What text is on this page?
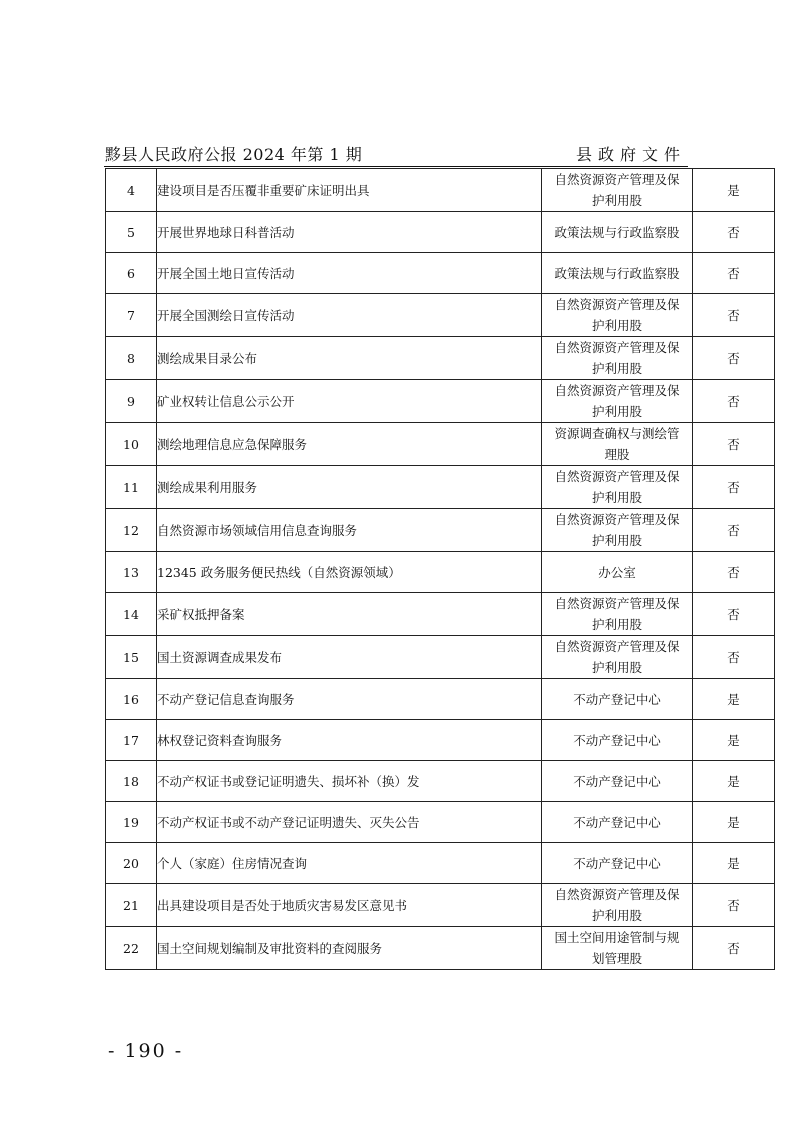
黟县人民政府公报 2024 年第 1 期	县政府文件
4	建设项目是否压覆非重要矿床证明出具	自然资源资产管理及保护利用股	是
5	开展世界地球日科普活动	政策法规与行政监察股	否
6	开展全国土地日宣传活动	政策法规与行政监察股	否
7	开展全国测绘日宣传活动	自然资源资产管理及保护利用股	否
8	测绘成果目录公布	自然资源资产管理及保护利用股	否
9	矿业权转让信息公示公开	自然资源资产管理及保护利用股	否
10	测绘地理信息应急保障服务	资源调查确权与测绘管理股	否
11	测绘成果利用服务	自然资源资产管理及保护利用股	否
12	自然资源市场领域信用信息查询服务	自然资源资产管理及保护利用股	否
13	12345 政务服务便民热线（自然资源领域）	办公室	否
14	采矿权抵押备案	自然资源资产管理及保护利用股	否
15	国土资源调查成果发布	自然资源资产管理及保护利用股	否
16	不动产登记信息查询服务	不动产登记中心	是
17	林权登记资料查询服务	不动产登记中心	是
18	不动产权证书或登记证明遗失、损坏补（换）发	不动产登记中心	是
19	不动产权证书或不动产登记证明遗失、灭失公告	不动产登记中心	是
20	个人（家庭）住房情况查询	不动产登记中心	是
21	出具建设项目是否处于地质灾害易发区意见书	自然资源资产管理及保护利用股	否
22	国土空间规划编制及审批资料的查阅服务	国土空间用途管制与规划管理股	否
- 190 -
